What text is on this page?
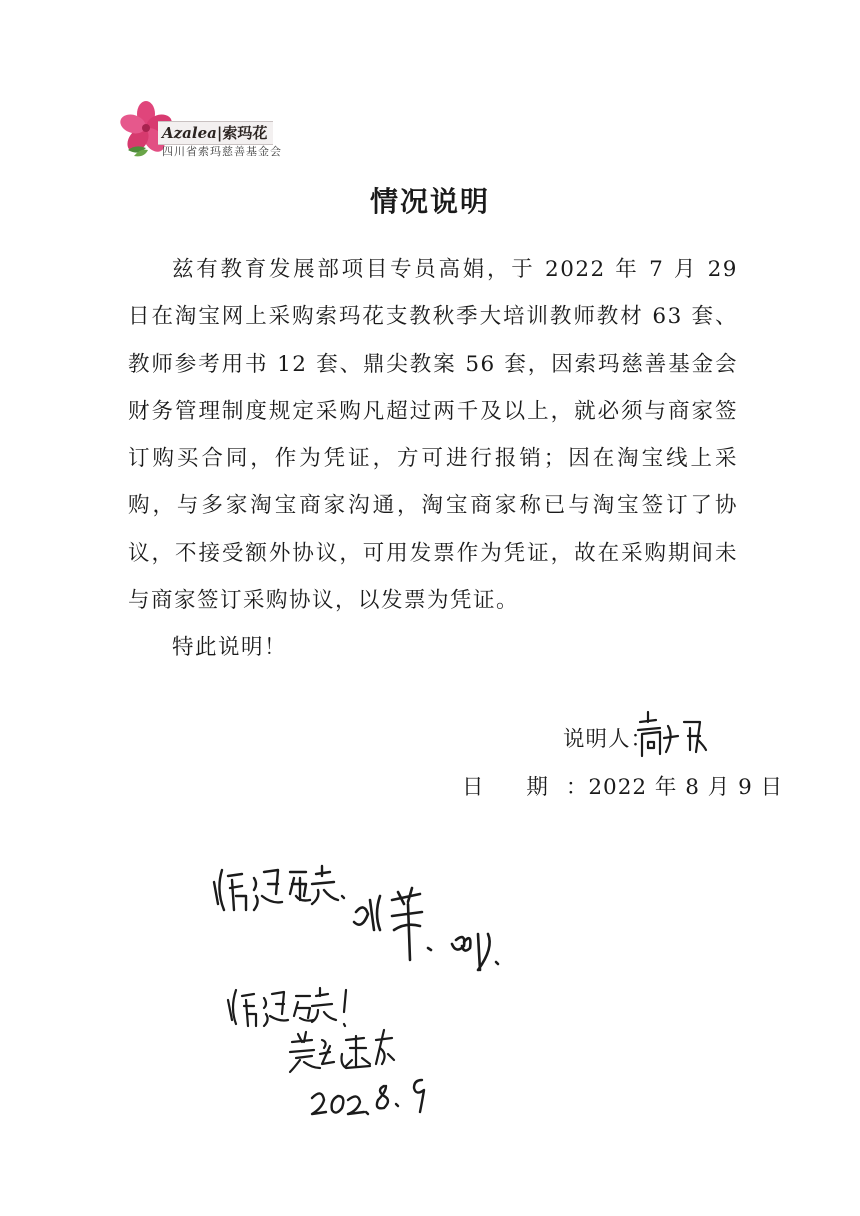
Azalea|索玛花
四川省索玛慈善基金会
情况说明
兹有教育发展部项目专员高娟，于 2022 年 7 月 29 日在淘宝网上采购索玛花支教秋季大培训教师教材 63 套、教师参考用书 12 套、鼎尖教案 56 套，因索玛慈善基金会财务管理制度规定采购凡超过两千及以上，就必须与商家签订购买合同，作为凭证，方可进行报销；因在淘宝线上采购，与多家淘宝商家沟通，淘宝商家称已与淘宝签订了协议，不接受额外协议，可用发票作为凭证，故在采购期间未与商家签订采购协议，以发票为凭证。
特此说明！
说明人：
日 期：2022 年 8 月 9 日
